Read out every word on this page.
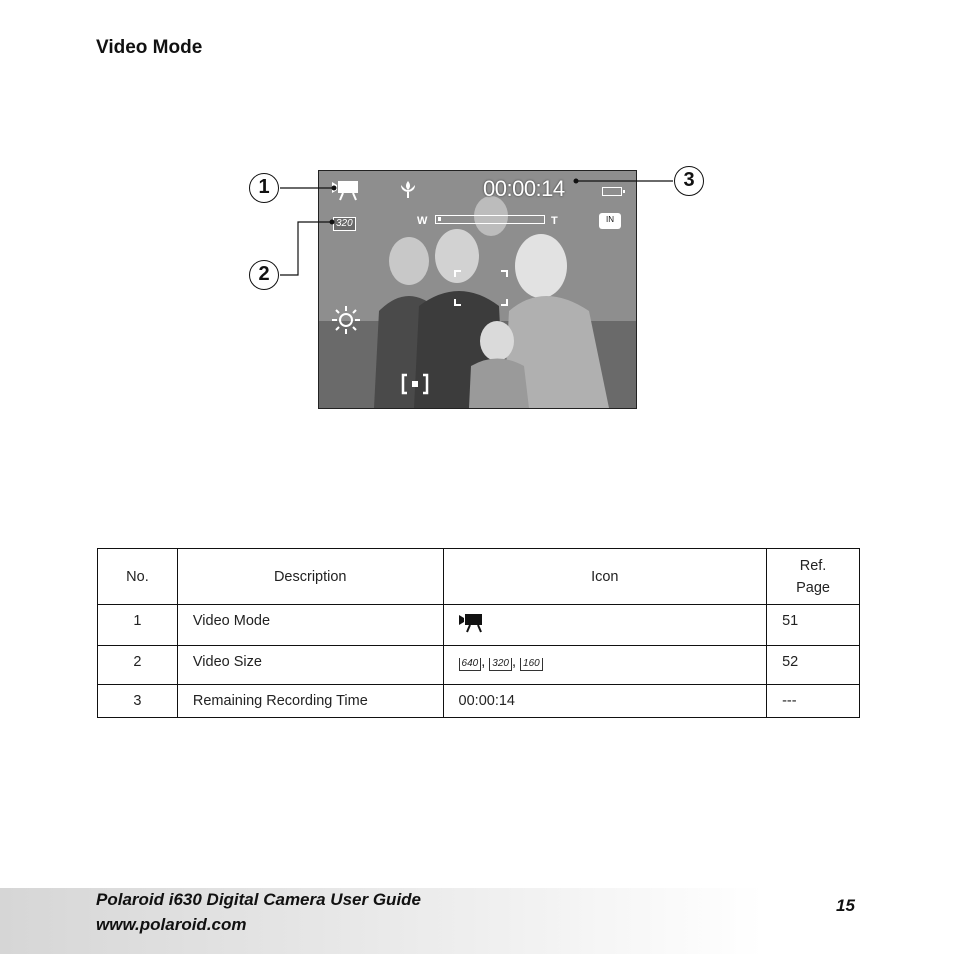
Video Mode
00:00:14
320	W	T	IN
1
2
3
No.	Description	Icon	Ref.
Page
1	Video Mode		51
2	Video Size	640 , 320 , 160	52
3	Remaining Recording Time	00:00:14	---
Polaroid i630 Digital Camera User Guide
www.polaroid.com
15
